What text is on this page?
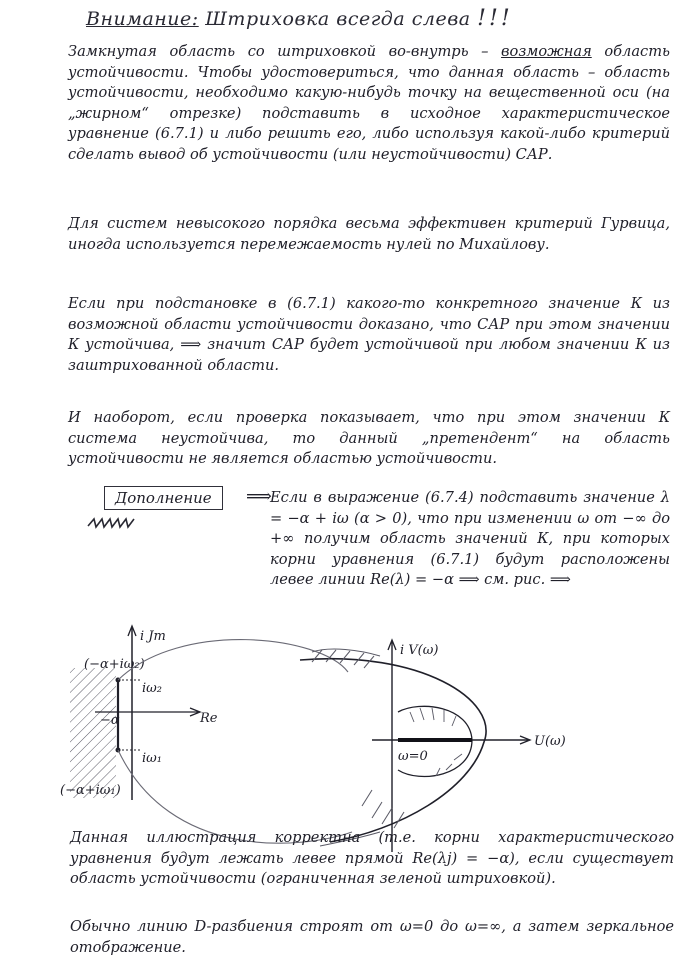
Внимание: Штриховка всегда слева !!!
Замкнутая область со штриховкой во-внутрь – возможная область устойчивости. Чтобы удостовериться, что данная область – область устойчивости, необходимо какую-нибудь точку на вещественной оси (на „жирном“ отрезке) подставить в исходное характеристическое уравнение (6.7.1) и либо решить его, либо используя какой-либо критерий сделать вывод об устойчивости (или неустойчивости) САР.
Для систем невысокого порядка весьма эффективен критерий Гурвица, иногда используется перемежаемость нулей по Михайлову.
Если при подстановке в (6.7.1) какого-то конкретного значение К из возможной области устойчивости доказано, что САР при этом значении К устойчива, ⟹ значит САР будет устойчивой при любом значении К из заштрихованной области.
И наоборот, если проверка показывает, что при этом значении К система неустойчива, то данный „претендент“ на область устойчивости не является областью устойчивости.
Дополнение	⟹
Если в выражение (6.7.4) подставить значение λ = −α + iω (α > 0), что при изменении ω от −∞ до +∞ получим область значений К, при которых корни уравнения (6.7.1) будут расположены левее линии Re(λ) = −α ⟹ см. рис. ⟹
i Jm
Re
(−α+iω₂)
(−α+iω₁)
iω₂
iω₁
−α
ω=0
i V(ω)
U(ω)
Данная иллюстрация корректна (т.е. корни характеристического уравнения будут лежать левее прямой Re(λj) = −α), если существует область устойчивости (ограниченная зеленой штриховкой).
Обычно линию D-разбиения строят от ω=0 до ω=∞, а затем зеркальное отображение.
